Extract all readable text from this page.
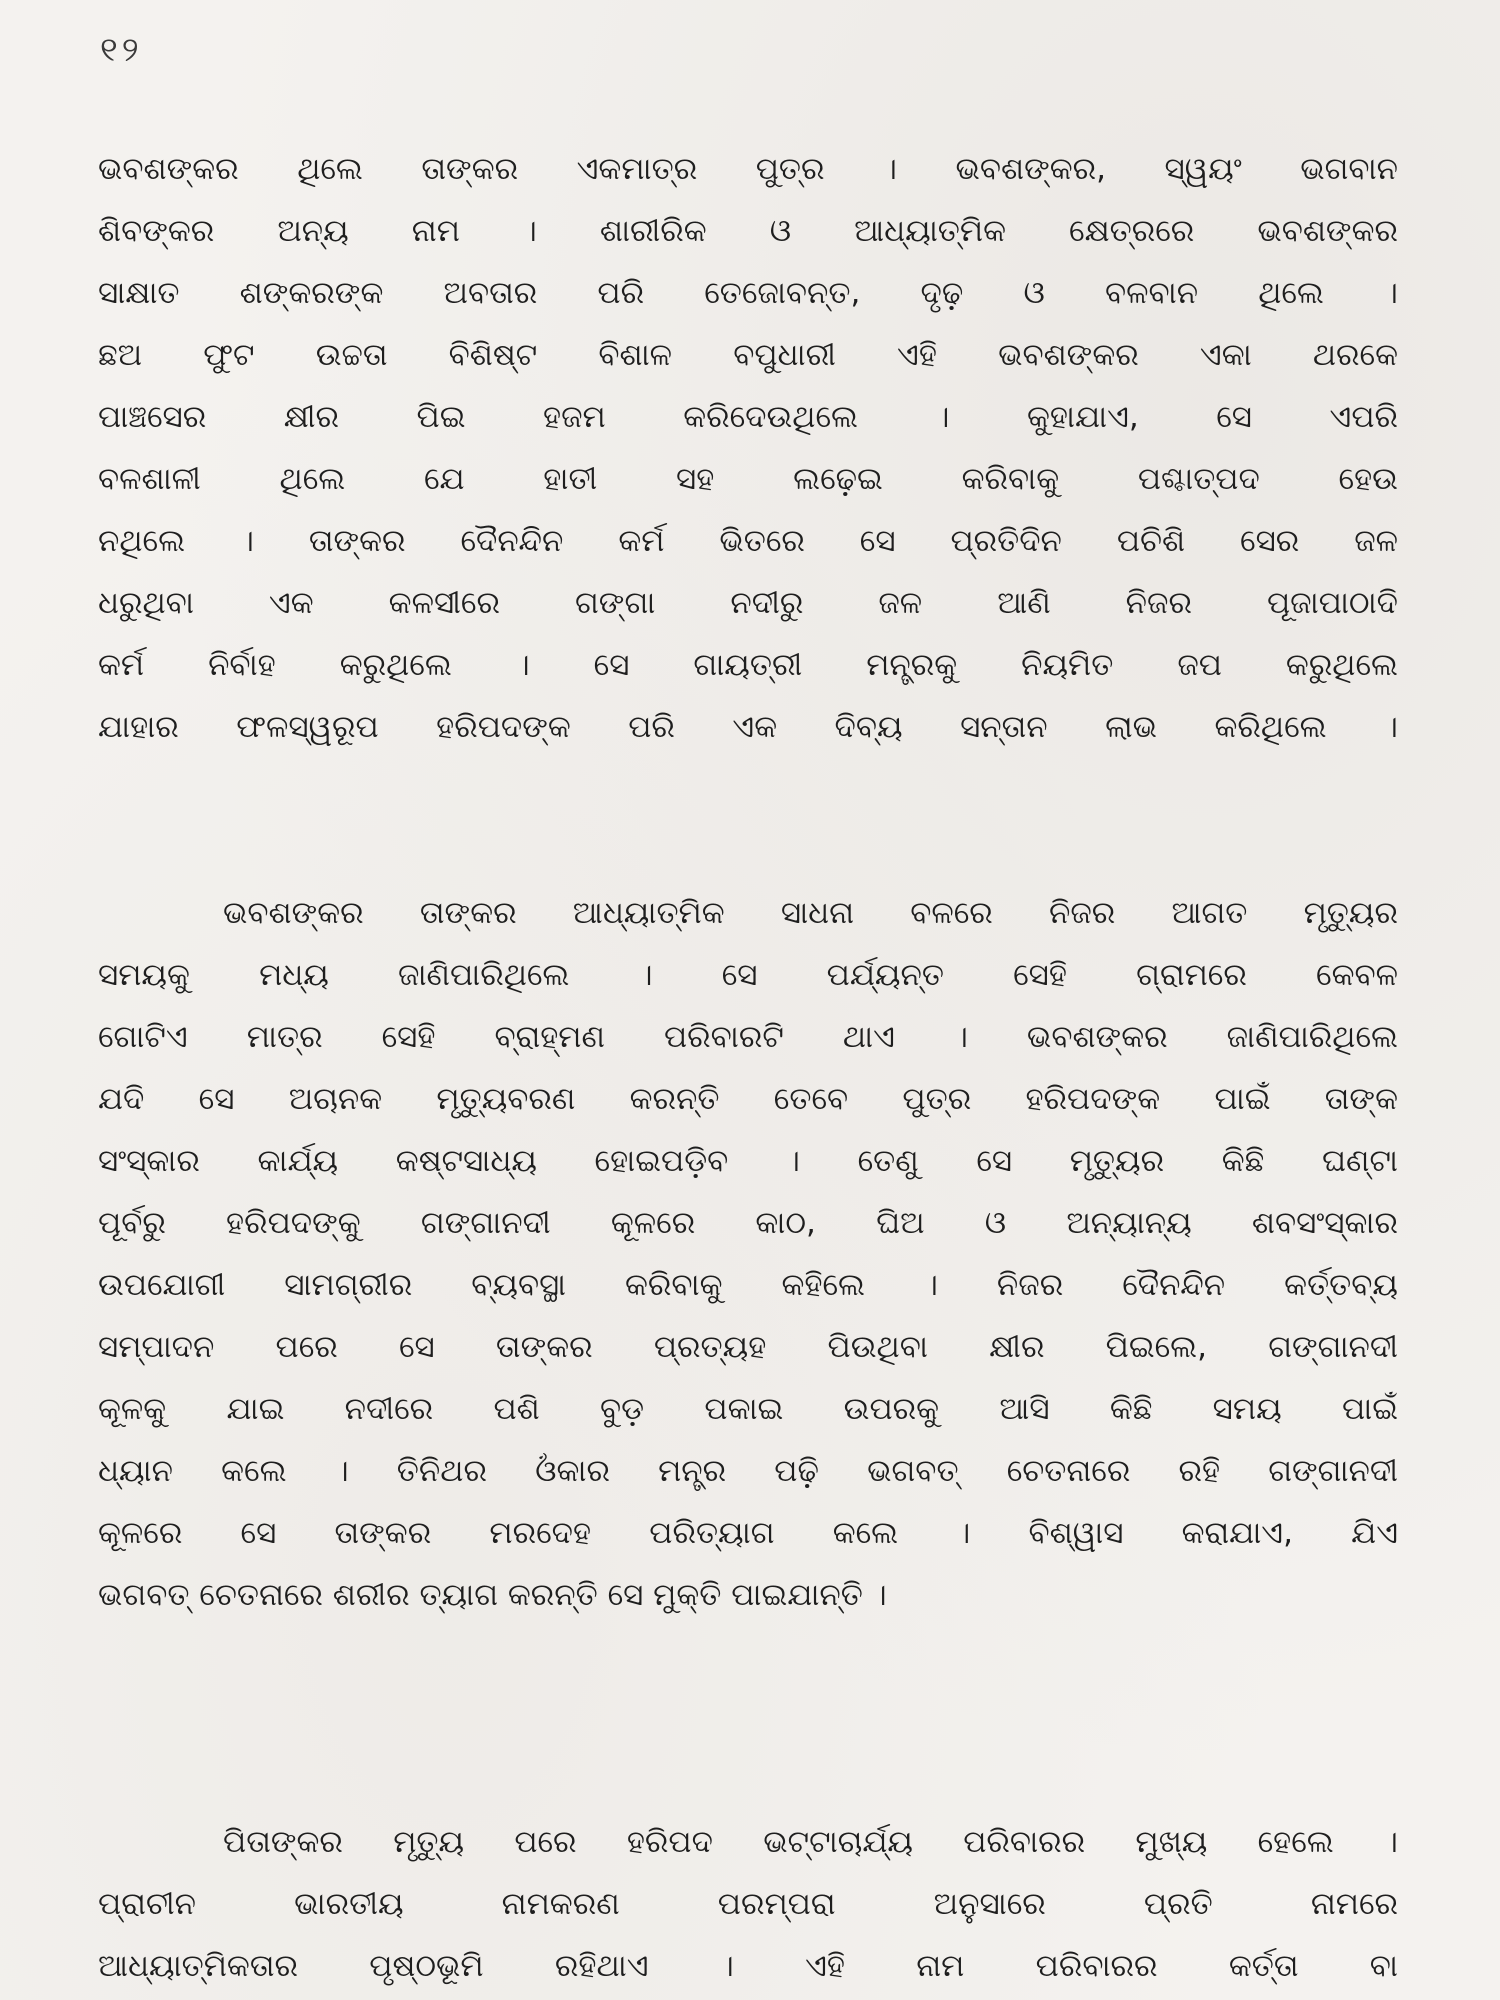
୧୨
ଭବଶଙ୍କର ଥିଲେ ତାଙ୍କର ଏକମାତ୍ର ପୁତ୍ର । ଭବଶଙ୍କର, ସ୍ୱୟଂ ଭଗବାନ
ଶିବଙ୍କର ଅନ୍ୟ ନାମ । ଶାରୀରିକ ଓ ଆଧ୍ୟାତ୍ମିକ କ୍ଷେତ୍ରରେ ଭବଶଙ୍କର
ସାକ୍ଷାତ ଶଙ୍କରଙ୍କ ଅବତାର ପରି ତେଜୋବନ୍ତ, ଦୃଢ଼ ଓ ବଳବାନ ଥିଲେ ।
ଛଅ ଫୁଟ ଉଚ୍ଚତା ବିଶିଷ୍ଟ ବିଶାଳ ବପୁଧାରୀ ଏହି ଭବଶଙ୍କର ଏକା ଥରକେ
ପାଞ୍ଚସେର କ୍ଷୀର ପିଇ ହଜମ କରିଦେଉଥିଲେ । କୁହାଯାଏ, ସେ ଏପରି
ବଳଶାଳୀ ଥିଲେ ଯେ ହାତୀ ସହ ଲଢ଼େଇ କରିବାକୁ ପଶ୍ଚାତ୍‌ପଦ ହେଉ
ନଥିଲେ । ତାଙ୍କର ଦୈନନ୍ଦିନ କର୍ମ ଭିତରେ ସେ ପ୍ରତିଦିନ ପଚିଶି ସେର ଜଳ
ଧରୁଥିବା ଏକ କଳସୀରେ ଗଙ୍ଗା ନଦୀରୁ ଜଳ ଆଣି ନିଜର ପୂଜାପାଠାଦି
କର୍ମ ନିର୍ବାହ କରୁଥିଲେ । ସେ ଗାୟତ୍ରୀ ମନ୍ତ୍ରକୁ ନିୟମିତ ଜପ କରୁଥିଲେ
ଯାହାର ଫଳସ୍ୱରୂପ ହରିପଦଙ୍କ ପରି ଏକ ଦିବ୍ୟ ସନ୍ତାନ ଲାଭ କରିଥିଲେ ।
ଭବଶଙ୍କର ତାଙ୍କର ଆଧ୍ୟାତ୍ମିକ ସାଧନା ବଳରେ ନିଜର ଆଗତ ମୃତ୍ୟୁର
ସମୟକୁ ମଧ୍ୟ ଜାଣିପାରିଥିଲେ । ସେ ପର୍ଯ୍ୟନ୍ତ ସେହି ଗ୍ରାମରେ କେବଳ
ଗୋଟିଏ ମାତ୍ର ସେହି ବ୍ରାହ୍ମଣ ପରିବାରଟି ଥାଏ । ଭବଶଙ୍କର ଜାଣିପାରିଥିଲେ
ଯଦି ସେ ଅଚାନକ ମୃତ୍ୟୁବରଣ କରନ୍ତି ତେବେ ପୁତ୍ର ହରିପଦଙ୍କ ପାଇଁ ତାଙ୍କ
ସଂସ୍କାର କାର୍ଯ୍ୟ କଷ୍ଟସାଧ୍ୟ ହୋଇପଡ଼ିବ । ତେଣୁ ସେ ମୃତ୍ୟୁର କିଛି ଘଣ୍ଟା
ପୂର୍ବରୁ ହରିପଦଙ୍କୁ ଗଙ୍ଗାନଦୀ କୂଳରେ କାଠ, ଘିଅ ଓ ଅନ୍ୟାନ୍ୟ ଶବସଂସ୍କାର
ଉପଯୋଗୀ ସାମଗ୍ରୀର ବ୍ୟବସ୍ଥା କରିବାକୁ କହିଲେ । ନିଜର ଦୈନନ୍ଦିନ କର୍ତ୍ତବ୍ୟ
ସମ୍ପାଦନ ପରେ ସେ ତାଙ୍କର ପ୍ରତ୍ୟହ ପିଉଥିବା କ୍ଷୀର ପିଇଲେ, ଗଙ୍ଗାନଦୀ
କୂଳକୁ ଯାଇ ନଦୀରେ ପଶି ବୁଡ଼ ପକାଇ ଉପରକୁ ଆସି କିଛି ସମୟ ପାଇଁ
ଧ୍ୟାନ କଲେ । ତିନିଥର ଓଁକାର ମନ୍ତ୍ର ପଢ଼ି ଭଗବତ୍ ଚେତନାରେ ରହି ଗଙ୍ଗାନଦୀ
କୂଳରେ ସେ ତାଙ୍କର ମରଦେହ ପରିତ୍ୟାଗ କଲେ । ବିଶ୍ୱାସ କରାଯାଏ, ଯିଏ
ଭଗବତ୍ ଚେତନାରେ ଶରୀର ତ୍ୟାଗ କରନ୍ତି ସେ ମୁକ୍ତି ପାଇଯାନ୍ତି ।
ପିତାଙ୍କର ମୃତ୍ୟୁ ପରେ ହରିପଦ ଭଟ୍ଟାଚାର୍ଯ୍ୟ ପରିବାରର ମୁଖ୍ୟ ହେଲେ ।
ପ୍ରାଚୀନ ଭାରତୀୟ ନାମକରଣ ପରମ୍ପରା ଅନୁସାରେ ପ୍ରତି ନାମରେ
ଆଧ୍ୟାତ୍ମିକତାର ପୃଷ୍ଠଭୂମି ରହିଥାଏ । ଏହି ନାମ ପରିବାରର କର୍ତ୍ତା ବା
